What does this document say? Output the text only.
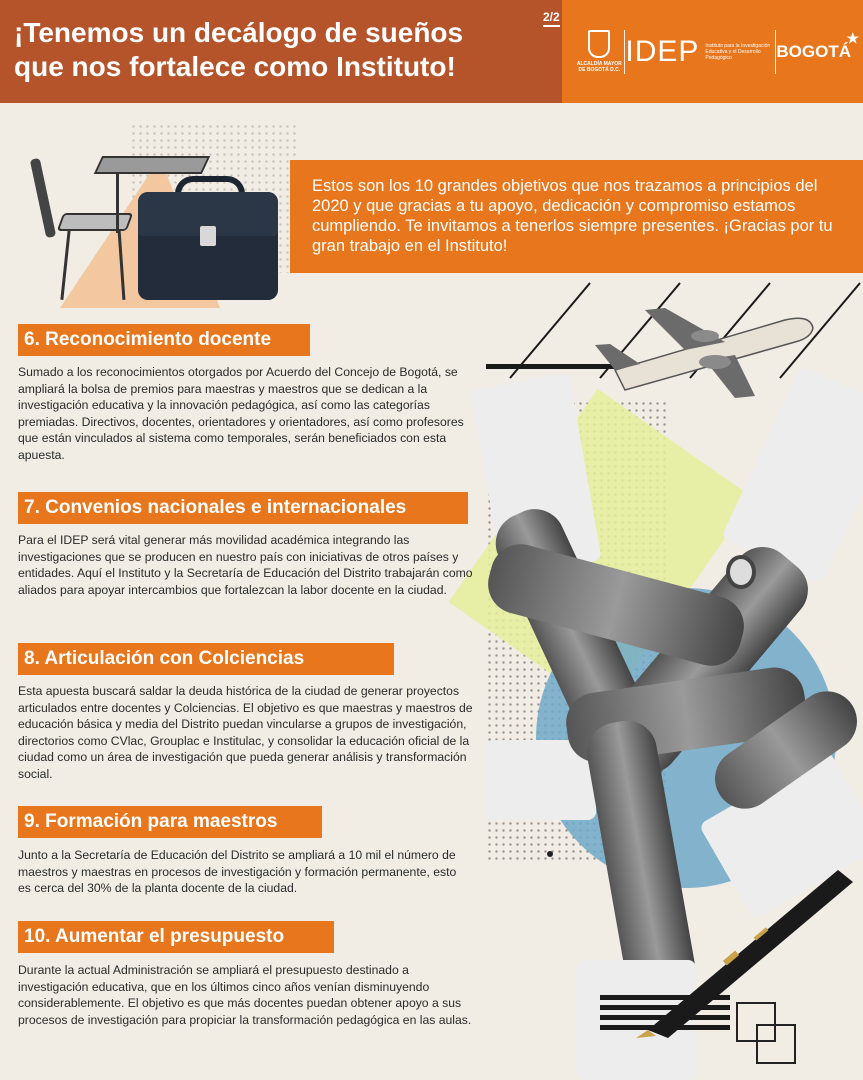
¡Tenemos un decálogo de sueños
que nos fortalece como Instituto!
2/2
ALCALDÍA MAYOR DE BOGOTÁ D.C.
IDEP Instituto para la Investigación Educativa y el Desarrollo Pedagógico	BOGOTÁ
★

Estos son los 10 grandes objetivos que nos trazamos a principios del 2020 y que gracias a tu apoyo, dedicación y compromiso estamos cumpliendo. Te invitamos a tenerlos siempre presentes. ¡Gracias por tu gran trabajo en el Instituto!

6. Reconocimiento docente
Sumado a los reconocimientos otorgados por Acuerdo del Concejo de Bogotá, se ampliará la bolsa de premios para maestras y maestros que se dedican a la investigación educativa y la innovación pedagógica, así como las categorías premiadas. Directivos, docentes, orientadores y orientadores, así como profesores que están vinculados al sistema como temporales, serán beneficiados con esta apuesta.
7. Convenios nacionales e internacionales
Para el IDEP será vital generar más movilidad académica integrando las investigaciones que se producen en nuestro país con iniciativas de otros países y entidades. Aquí el Instituto y la Secretaría de Educación del Distrito trabajarán como aliados para apoyar intercambios que fortalezcan la labor docente en la ciudad.
8. Articulación con Colciencias
Esta apuesta buscará saldar la deuda histórica de la ciudad de generar proyectos articulados entre docentes y Colciencias. El objetivo es que maestras y maestros de educación básica y media del Distrito puedan vincularse a grupos de investigación, directorios como CVlac, Grouplac e Institulac, y consolidar la educación oficial de la ciudad como un área de investigación que pueda generar análisis y transformación social.
9. Formación para maestros
Junto a la Secretaría de Educación del Distrito se ampliará a 10 mil el número de maestros y maestras en procesos de investigación y formación permanente, esto es cerca del 30% de la planta docente de la ciudad.
10. Aumentar el presupuesto
Durante la actual Administración se ampliará el presupuesto destinado a investigación educativa, que en los últimos cinco años venían disminuyendo considerablemente. El objetivo es que más docentes puedan obtener apoyo a sus procesos de investigación para propiciar la transformación pedagógica en las aulas.
